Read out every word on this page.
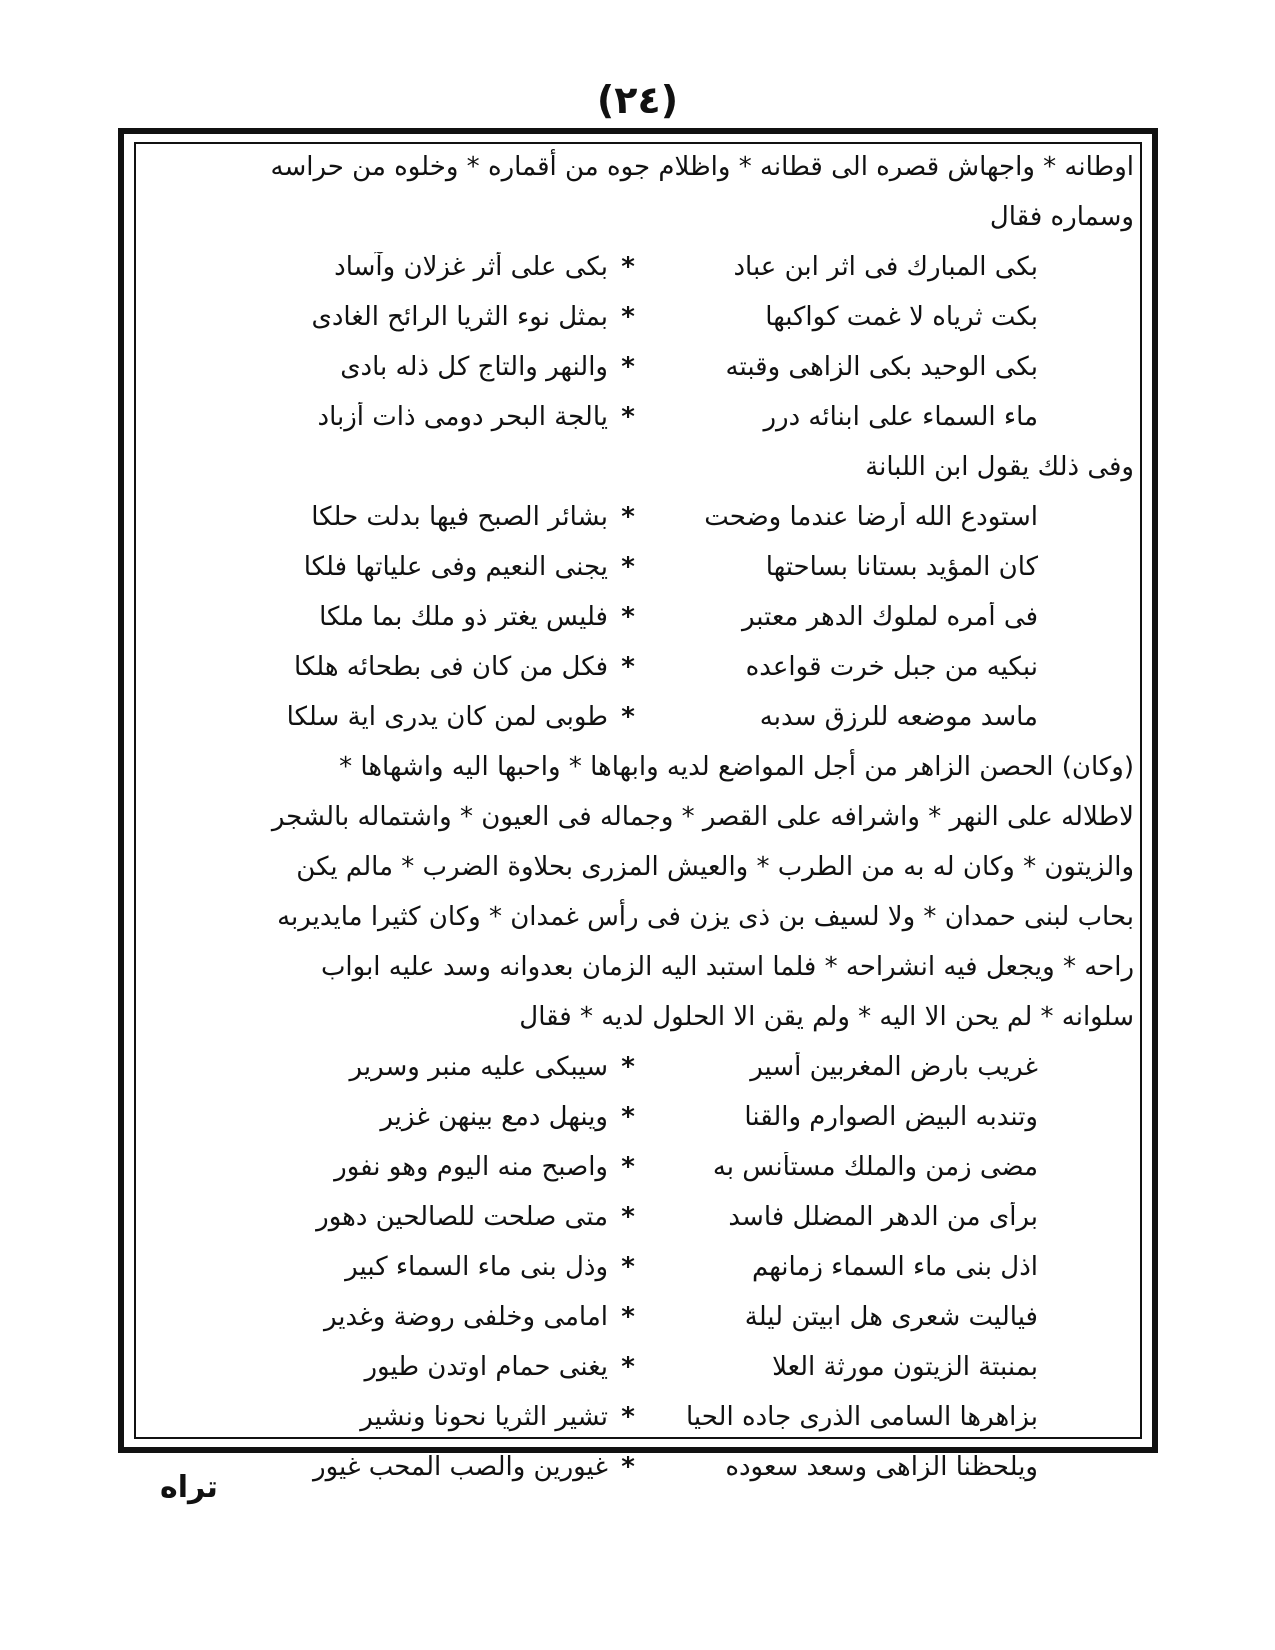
(٢٤)
اوطانه * واجهاش قصره الى قطانه * واظلام جوه من أقماره * وخلوه من حراسه
وسماره فقال
بكى المبارك فى اثر ابن عباد
*
بكى على أثر غزلان وآساد
بكت ثرياه لا غمت كواكبها
*
بمثل نوء الثريا الرائح الغادى
بكى الوحيد بكى الزاهى وقبته
*
والنهر والتاج كل ذله بادى
ماء السماء على ابنائه درر
*
يالجة البحر دومى ذات أزباد
وفى ذلك يقول ابن اللبانة
استودع الله أرضا عندما وضحت
*
بشائر الصبح فيها بدلت حلكا
كان المؤيد بستانا بساحتها
*
يجنى النعيم وفى علياتها فلكا
فى أمره لملوك الدهر معتبر
*
فليس يغتر ذو ملك بما ملكا
نبكيه من جبل خرت قواعده
*
فكل من كان فى بطحائه هلكا
ماسد موضعه للرزق سدبه
*
طوبى لمن كان يدرى اية سلكا
(وكان) الحصن الزاهر من أجل المواضع لديه وابهاها * واحبها اليه واشهاها *
لاطلاله على النهر * واشرافه على القصر * وجماله فى العيون * واشتماله بالشجر
والزيتون * وكان له به من الطرب * والعيش المزرى بحلاوة الضرب * مالم يكن
بحاب لبنى حمدان * ولا لسيف بن ذى يزن فى رأس غمدان * وكان كثيرا مايديربه
راحه * ويجعل فيه انشراحه * فلما استبد اليه الزمان بعدوانه وسد عليه ابواب
سلوانه * لم يحن الا اليه * ولم يقن الا الحلول لديه * فقال
غريب بارض المغربين أسير
*
سيبكى عليه منبر وسرير
وتندبه البيض الصوارم والقنا
*
وينهل دمع بينهن غزير
مضى زمن والملك مستأنس به
*
واصبح منه اليوم وهو نفور
برأى من الدهر المضلل فاسد
*
متى صلحت للصالحين دهور
اذل بنى ماء السماء زمانهم
*
وذل بنى ماء السماء كبير
فياليت شعرى هل ابيتن ليلة
*
امامى وخلفى روضة وغدير
بمنبتة الزيتون مورثة العلا
*
يغنى حمام اوتدن طيور
بزاهرها السامى الذرى جاده الحيا
*
تشير الثريا نحونا ونشير
ويلحظنا الزاهى وسعد سعوده
*
غيورين والصب المحب غيور
تراه
